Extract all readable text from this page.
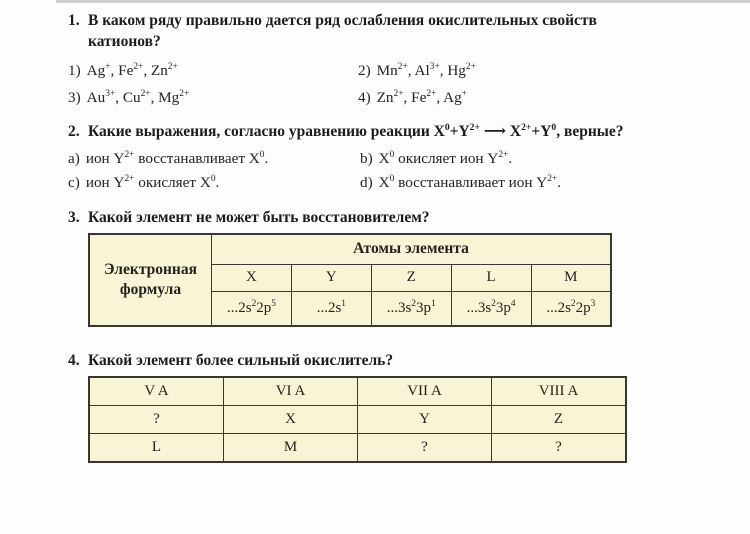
1. В каком ряду правильно дается ряд ослабления окислительных свойств
катионов?
1) Ag+, $Fe^{2+}$, $Zn^{2+}$	2) $Mn^{2+}$, $Al^{3+}$, $Hg^{2+}$
3) $Au^{3+}$, $Cu^{2+}$, $Mg^{2+}$	4) $Zn^{2+}$, $Fe^{2+}$, Ag+
2. Какие выражения, согласно уравнению реакции $X^0+Y^{2+}$ ⟶ $X^{2+}+Y^0$, верные?
a) ион $Y^{2+}$ восстанавливает $X^0$.	b) $X^0$ окисляет ион $Y^{2+}$.
c) ион $Y^{2+}$ окисляет $X^0$.	d) $X^0$ восстанавливает ион $Y^{2+}$.
3. Какой элемент не может быть восстановителем?
Электронная
формула	Атомы элемента				
	X	Y	Z	L	M
	$...2s^22p^5$	$...2s^1$	$...3s^23p^1$	$...3s^23p^4$	$...2s^22p^3$
4. Какой элемент более сильный окислитель?
V A	VI A	VII A	VIII A
?	X	Y	Z
L	M	?	?
